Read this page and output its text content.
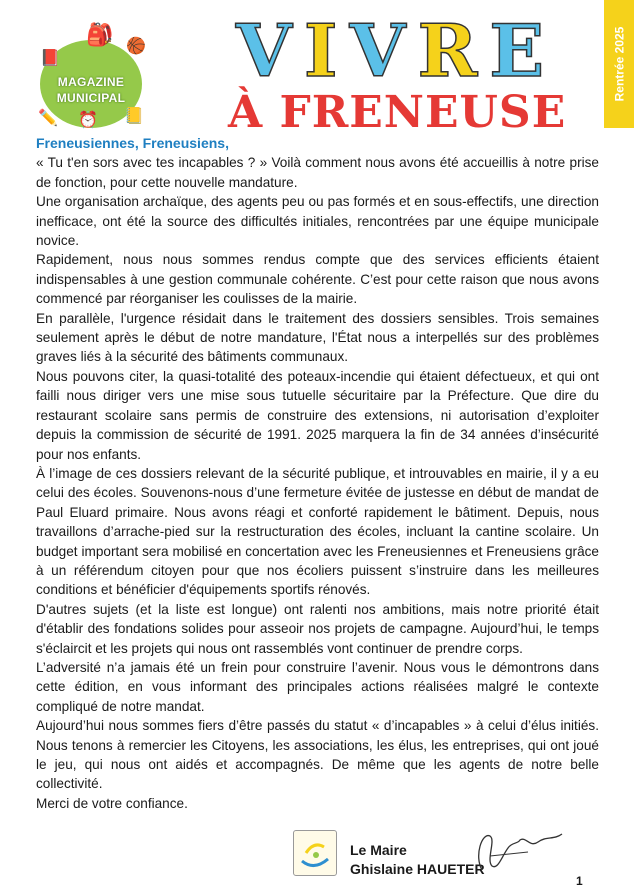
📕
🎒 🏀
✏️ ⏰ 📒
MAGAZINE
MUNICIPAL
VIVRE
À FRENEUSE
Rentrée 2025
Freneusiennes, Freneusiens,

« Tu t'en sors avec tes incapables ? » Voilà comment nous avons été accueillis à notre prise de fonction, pour cette nouvelle mandature.

Une organisation archaïque, des agents peu ou pas formés et en sous-effectifs, une direction inefficace, ont été la source des difficultés initiales, rencontrées par une équipe municipale novice.

Rapidement, nous nous sommes rendus compte que des services efficients étaient indispensables à une gestion communale cohérente. C’est pour cette raison que nous avons commencé par réorganiser les coulisses de la mairie.

En parallèle, l'urgence résidait dans le traitement des dossiers sensibles. Trois semaines seulement après le début de notre mandature, l'État nous a interpellés sur des problèmes graves liés à la sécurité des bâtiments communaux.

Nous pouvons citer, la quasi-totalité des poteaux-incendie qui étaient défectueux, et qui ont failli nous diriger vers une mise sous tutuelle sécuritaire par la Préfecture. Que dire du restaurant scolaire sans permis de construire des extensions, ni autorisation d’exploiter depuis la commission de sécurité de 1991. 2025 marquera la fin de 34 années d’insécurité pour nos enfants.

À l’image de ces dossiers relevant de la sécurité publique, et introuvables en mairie, il y a eu celui des écoles. Souvenons-nous d’une fermeture évitée de justesse en début de mandat de Paul Eluard primaire. Nous avons réagi et conforté rapidement le bâtiment. Depuis, nous travaillons d’arrache-pied sur la restructuration des écoles, incluant la cantine scolaire. Un budget important sera mobilisé en concertation avec les Freneusiennes et Freneusiens grâce à un référendum citoyen pour que nos écoliers puissent s’instruire dans les meilleures conditions et bénéficier d'équipements sportifs rénovés.

D'autres sujets (et la liste est longue) ont ralenti nos ambitions, mais notre priorité était d'établir des fondations solides pour asseoir nos projets de campagne. Aujourd’hui, le temps s'éclaircit et les projets qui nous ont rassemblés vont continuer de prendre corps.

L’adversité n’a jamais été un frein pour construire l’avenir. Nous vous le démontrons dans cette édition, en vous informant des principales actions réalisées malgré le contexte compliqué de notre mandat.

Aujourd’hui nous sommes fiers d’être passés du statut « d’incapables » à celui d’élus initiés. Nous tenons à remercier les Citoyens, les associations, les élus, les entreprises, qui ont joué le jeu, qui nous ont aidés et accompagnés. De même que les agents de notre belle collectivité.

Merci de votre confiance.

Le Maire
Ghislaine HAUETER
1
